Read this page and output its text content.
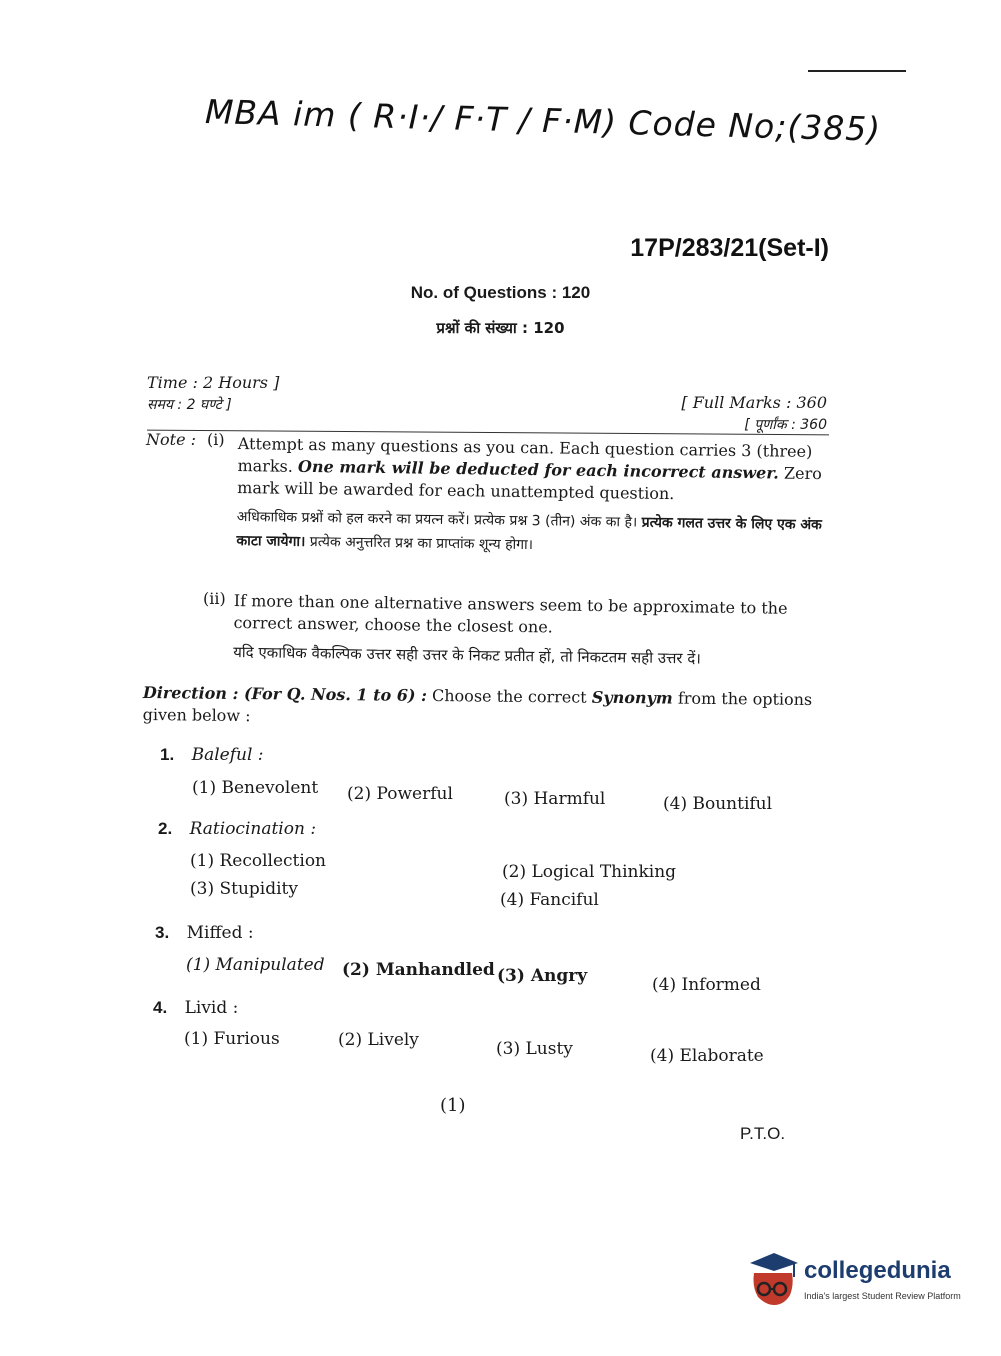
MBA im ( R·I·/ F·T / F·M) Code No;(385)
17P/283/21(Set-I)
No. of Questions : 120
प्रश्नों की संख्या : 120
Time : 2 Hours ]
समय : 2 घण्टे ]	[ Full Marks : 360
[ पूर्णांक : 360
Note : (i) Attempt as many questions as you can. Each question carries 3 (three) marks. One mark will be deducted for each incorrect answer. Zero mark will be awarded for each unattempted question.
अधिकाधिक प्रश्नों को हल करने का प्रयत्न करें। प्रत्येक प्रश्न 3 (तीन) अंक का है। प्रत्येक गलत उत्तर के लिए एक अंक काटा जायेगा। प्रत्येक अनुत्तरित प्रश्न का प्राप्तांक शून्य होगा।
(ii) If more than one alternative answers seem to be approximate to the correct answer, choose the closest one.
यदि एकाधिक वैकल्पिक उत्तर सही उत्तर के निकट प्रतीत हों, तो निकटतम सही उत्तर दें।
Direction : (For Q. Nos. 1 to 6) : Choose the correct Synonym from the options given below :
1. Baleful :
(1) Benevolent (2) Powerful	(3) Harmful	(4) Bountiful
2. Ratiocination :
(1) Recollection
(2) Logical Thinking
(3) Stupidity
(4) Fanciful
3. Miffed :
(1) Manipulated (2) Manhandled (3) Angry	(4) Informed
4. Livid :
(1) Furious	(2) Lively	(3) Lusty	(4) Elaborate
(1)
P.T.O.
collegedunia
India's largest Student Review Platform
